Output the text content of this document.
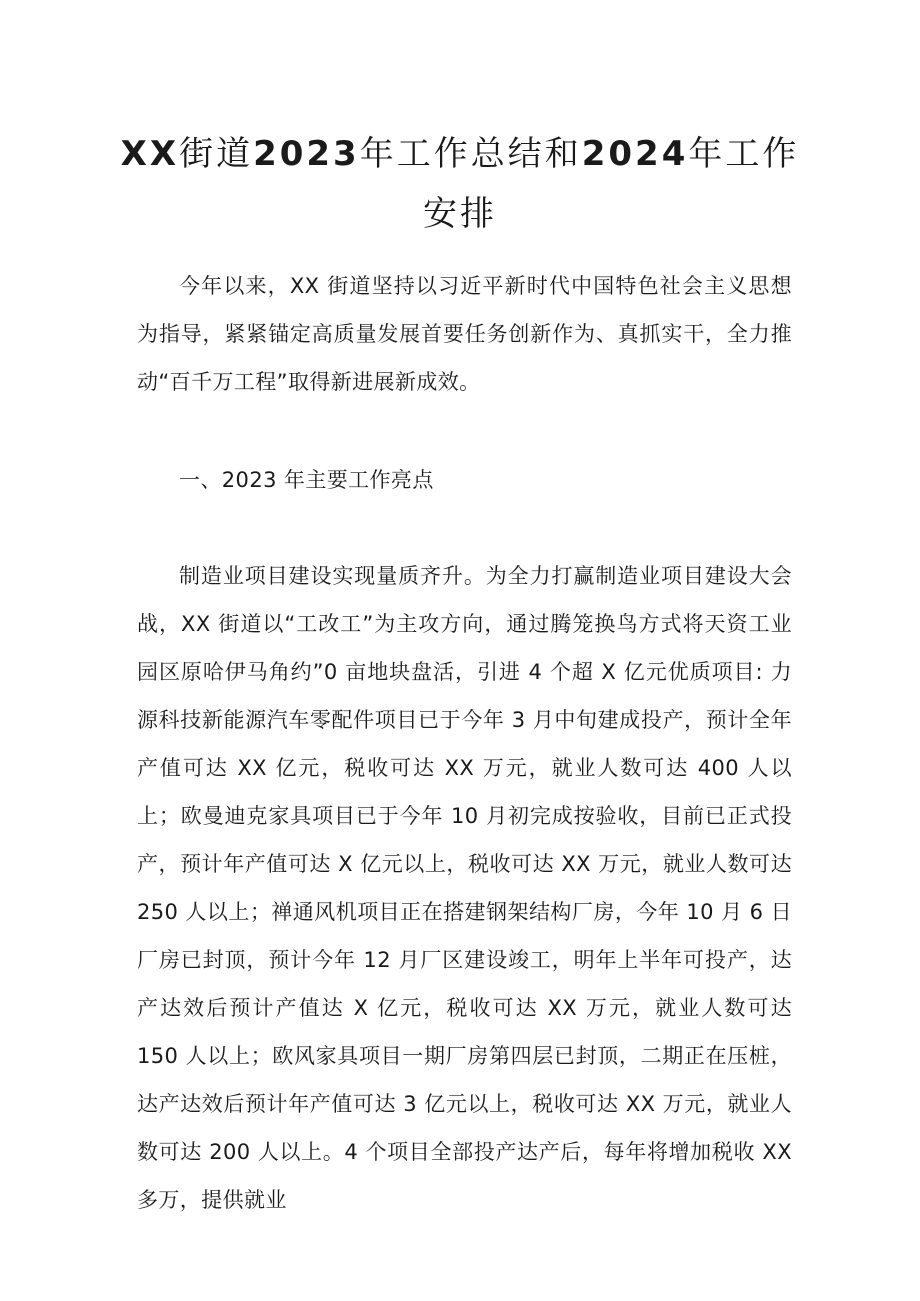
XX街道2023年工作总结和2024年工作安排

今年以来，XX 街道坚持以习近平新时代中国特色社会主义思想为指导，紧紧锚定高质量发展首要任务创新作为、真抓实干，全力推动“百千万工程”取得新进展新成效。

一、2023 年主要工作亮点

制造业项目建设实现量质齐升。为全力打赢制造业项目建设大会战，XX 街道以“工改工”为主攻方向，通过腾笼换鸟方式将天资工业园区原哈伊马角约”0 亩地块盘活，引进 4 个超 X 亿元优质项目: 力源科技新能源汽车零配件项目已于今年 3 月中旬建成投产，预计全年产值可达 XX 亿元，税收可达 XX 万元，就业人数可达 400 人以上；欧曼迪克家具项目已于今年 10 月初完成按验收，目前已正式投产，预计年产值可达 X 亿元以上，税收可达 XX 万元，就业人数可达 250 人以上；禅通风机项目正在搭建钢架结构厂房，今年 10 月 6 日厂房已封顶，预计今年 12 月厂区建设竣工，明年上半年可投产，达产达效后预计产值达 X 亿元，税收可达 XX 万元，就业人数可达 150 人以上；欧风家具项目一期厂房第四层已封顶，二期正在压桩，达产达效后预计年产值可达 3 亿元以上，税收可达 XX 万元，就业人数可达 200 人以上。4 个项目全部投产达产后，每年将增加税收 XX 多万，提供就业
